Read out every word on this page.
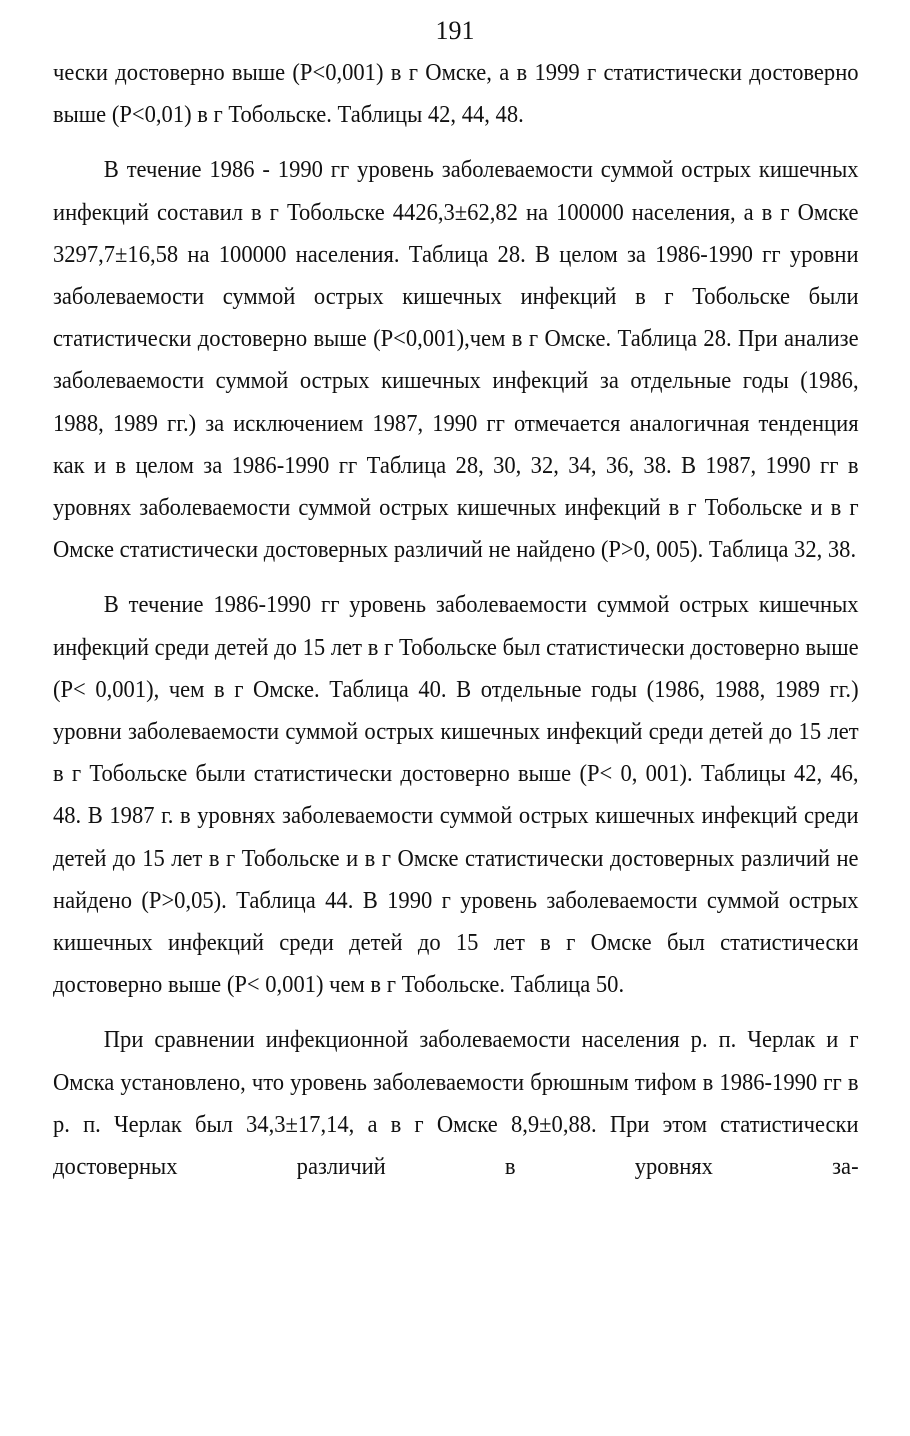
191

чески достоверно выше (P<0,001) в г Омске, а в 1999 г статистически достоверно выше (P<0,01) в г Тобольске. Таблицы 42, 44, 48.

В течение 1986 - 1990 гг уровень заболеваемости суммой острых кишечных инфекций составил в г Тобольске 4426,3±62,82 на 100000 населения, а в г Омске 3297,7±16,58 на 100000 населения. Таблица 28. В целом за 1986-1990 гг уровни заболеваемости суммой острых кишечных инфекций в г Тобольске были статистически достоверно выше (P<0,001),чем в г Омске. Таблица 28. При анализе заболеваемости суммой острых кишечных инфекций за отдельные годы (1986, 1988, 1989 гг.) за исключением 1987, 1990 гг отмечается аналогичная тенденция как и в целом за 1986-1990 гг Таблица 28, 30, 32, 34, 36, 38. В 1987, 1990 гг в уровнях заболеваемости суммой острых кишечных инфекций в г Тобольске и в г Омске статистически достоверных различий не найдено (P>0, 005). Таблица 32, 38.

В течение 1986-1990 гг уровень заболеваемости суммой острых кишечных инфекций среди детей до 15 лет в г Тобольске был статистически достоверно выше (P< 0,001), чем в г Омске. Таблица 40. В отдельные годы (1986, 1988, 1989 гг.) уровни заболеваемости суммой острых кишечных инфекций среди детей до 15 лет в г Тобольске были статистически достоверно выше (P< 0, 001). Таблицы 42, 46, 48. В 1987 г. в уровнях заболеваемости суммой острых кишечных инфекций среди детей до 15 лет в г Тобольске и в г Омске статистически достоверных различий не найдено (P>0,05). Таблица 44. В 1990 г уровень заболеваемости суммой острых кишечных инфекций среди детей до 15 лет в г Омске был статистически достоверно выше (P< 0,001) чем в г Тобольске. Таблица 50.

При сравнении инфекционной заболеваемости населения р. п. Черлак и г Омска установлено, что уровень заболеваемости брюшным тифом в 1986-1990 гг в р. п. Черлак был 34,3±17,14, а в г Омске 8,9±0,88. При этом статистически достоверных различий в уровнях за-
